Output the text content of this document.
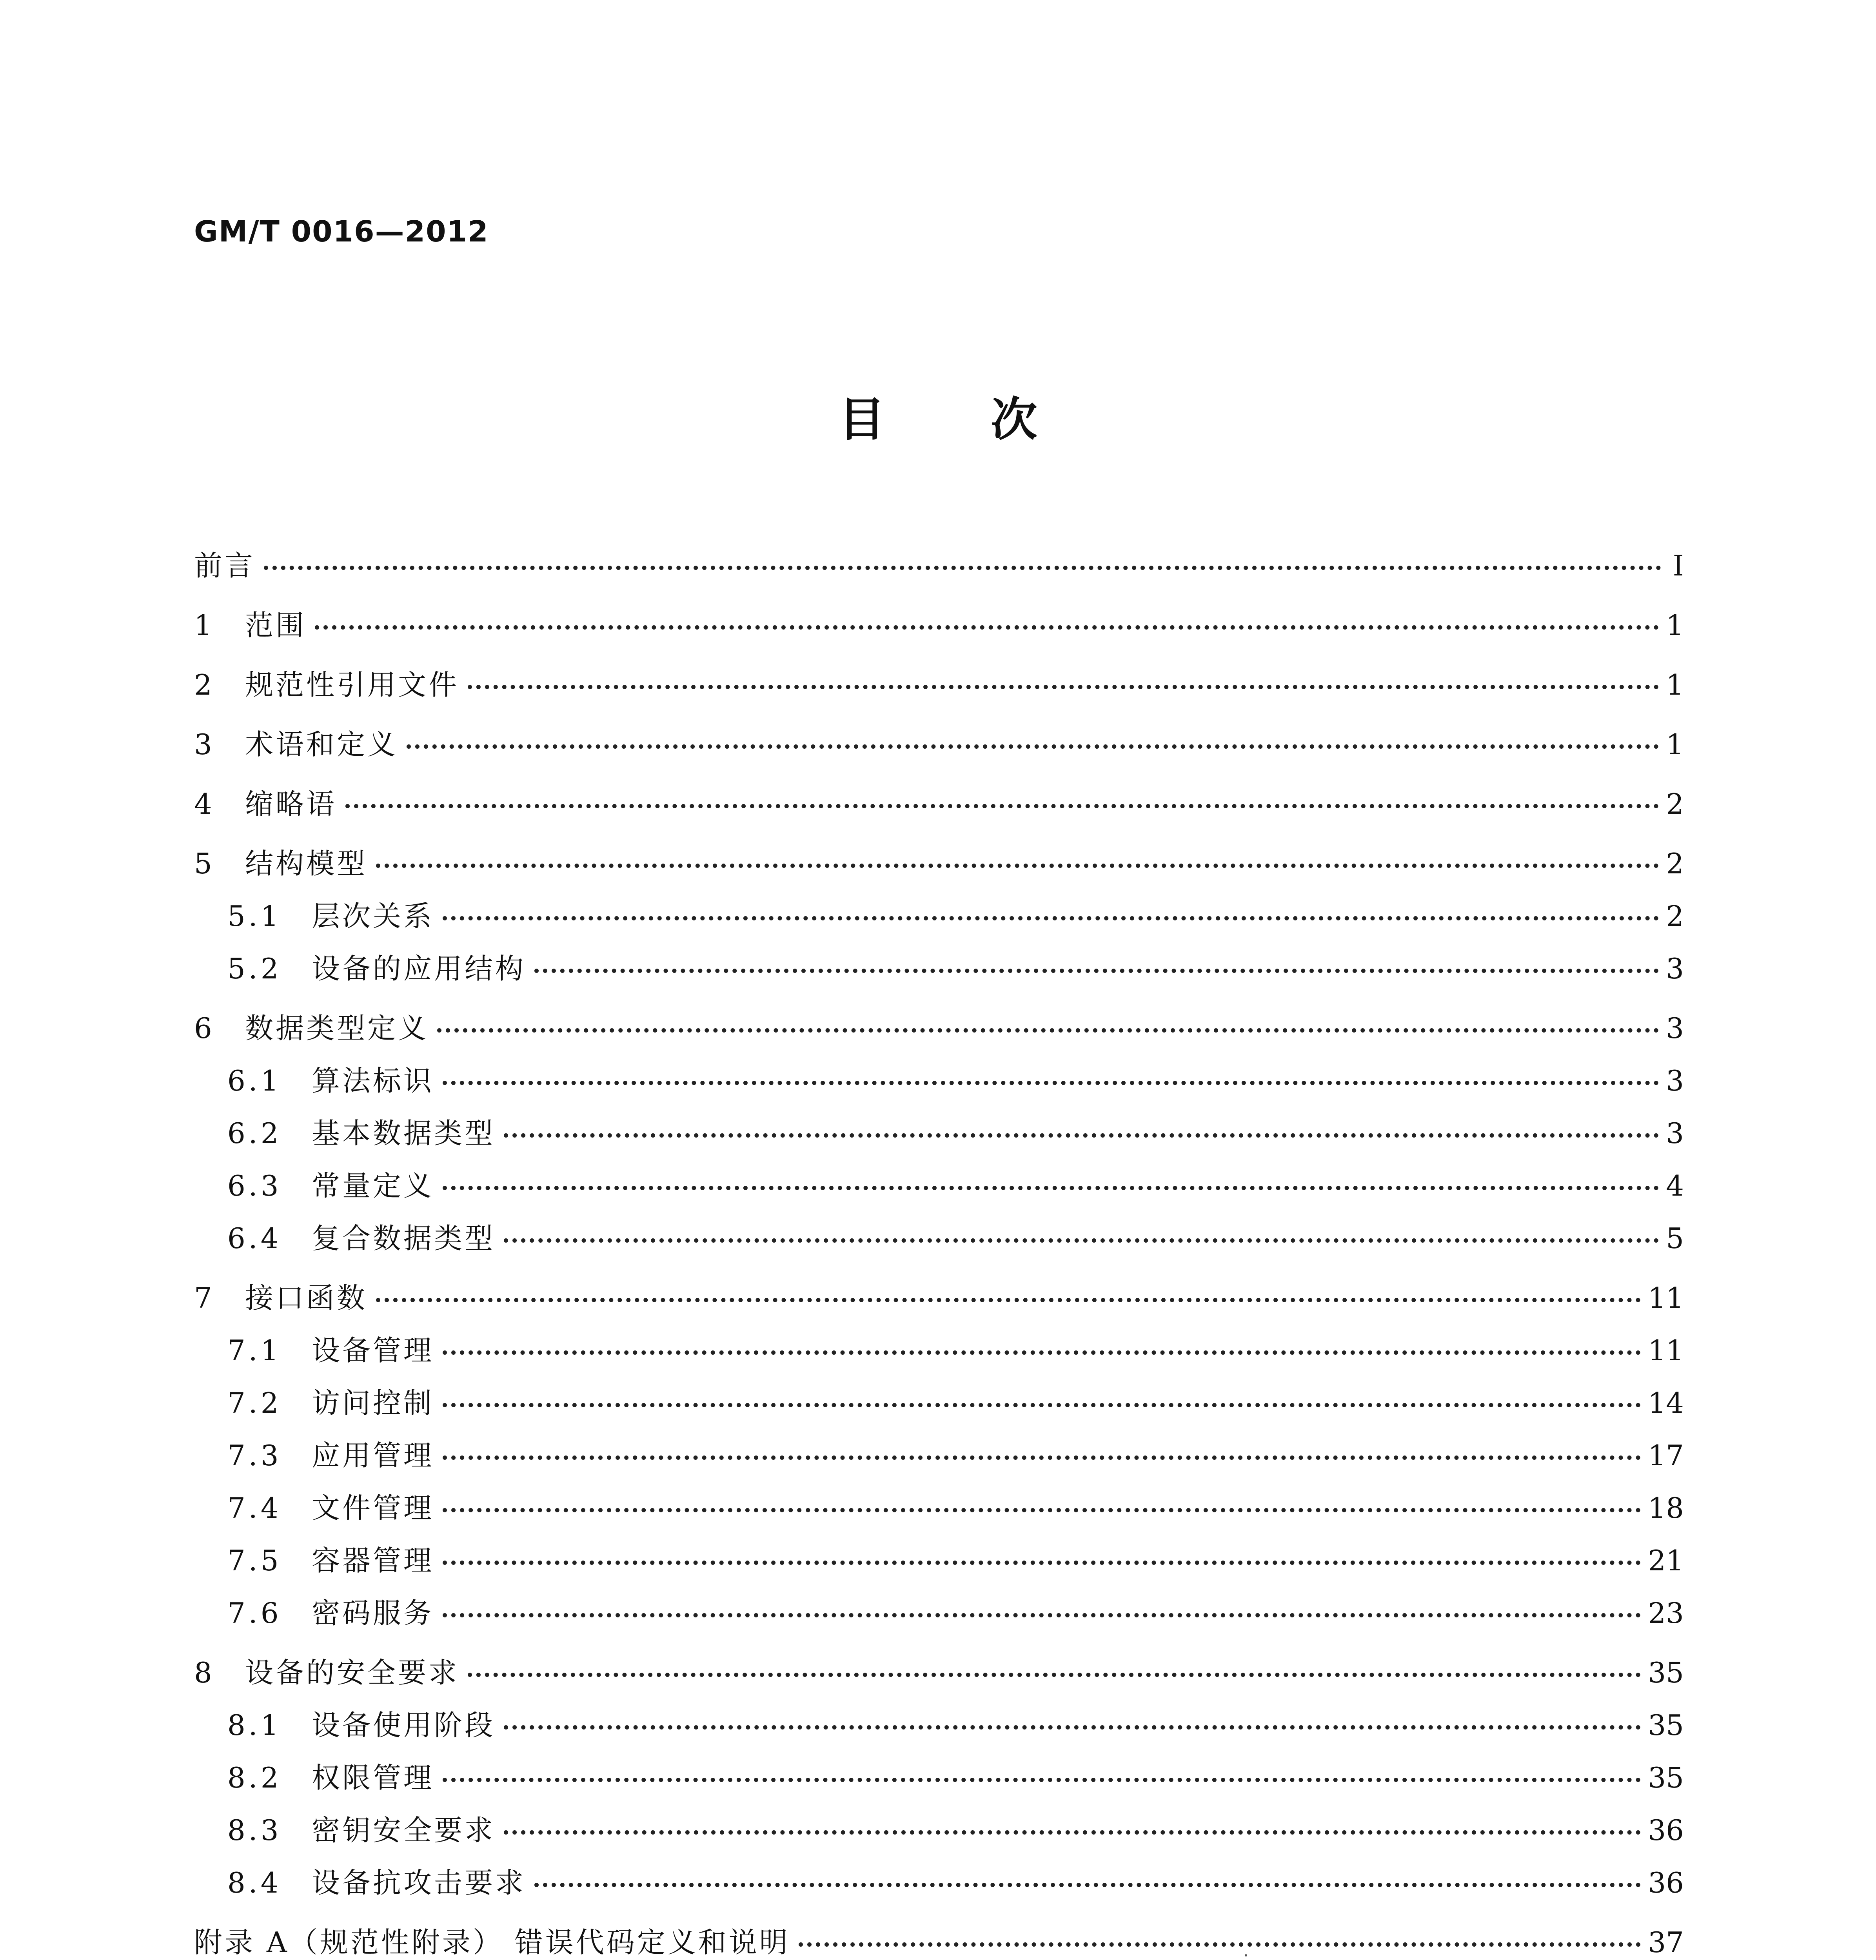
GM/T 0016—2012
目 次
前言	Ⅰ
1	范围	1
2	规范性引用文件	1
3	术语和定义	1
4	缩略语	2
5	结构模型	2
5.1	层次关系	2
5.2	设备的应用结构	3
6	数据类型定义	3
6.1	算法标识	3
6.2	基本数据类型	3
6.3	常量定义	4
6.4	复合数据类型	5
7	接口函数	11
7.1	设备管理	11
7.2	访问控制	14
7.3	应用管理	17
7.4	文件管理	18
7.5	容器管理	21
7.6	密码服务	23
8	设备的安全要求	35
8.1	设备使用阶段	35
8.2	权限管理	35
8.3	密钥安全要求	36
8.4	设备抗攻击要求	36
附录 A（规范性附录） 错误代码定义和说明	37
